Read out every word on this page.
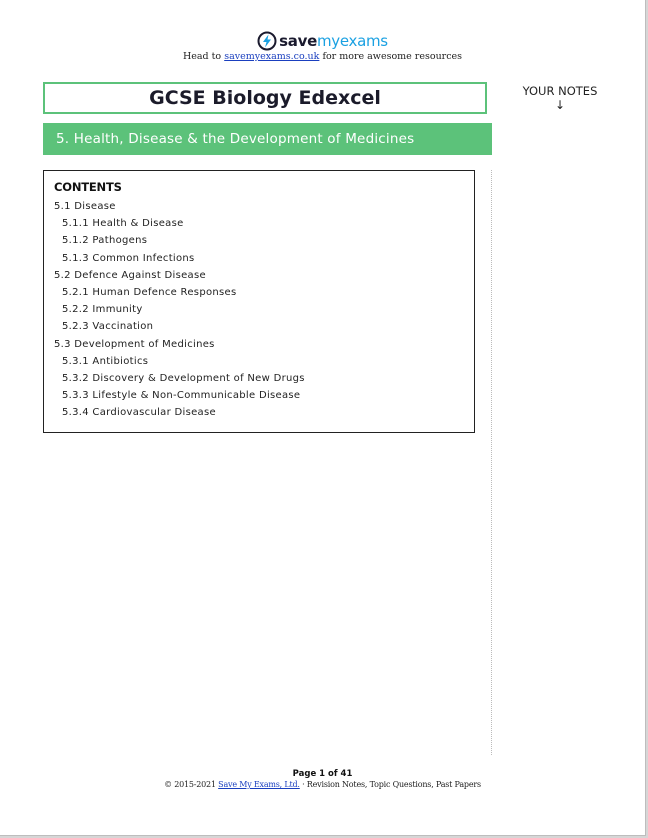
savemyexams
Head to savemyexams.co.uk for more awesome resources
GCSE Biology Edexcel
5. Health, Disease & the Development of Medicines
YOUR NOTES
↓
CONTENTS
5.1 Disease
5.1.1 Health & Disease
5.1.2 Pathogens
5.1.3 Common Infections
5.2 Defence Against Disease
5.2.1 Human Defence Responses
5.2.2 Immunity
5.2.3 Vaccination
5.3 Development of Medicines
5.3.1 Antibiotics
5.3.2 Discovery & Development of New Drugs
5.3.3 Lifestyle & Non-Communicable Disease
5.3.4 Cardiovascular Disease
Page 1 of 41
© 2015-2021 Save My Exams, Ltd. · Revision Notes, Topic Questions, Past Papers
